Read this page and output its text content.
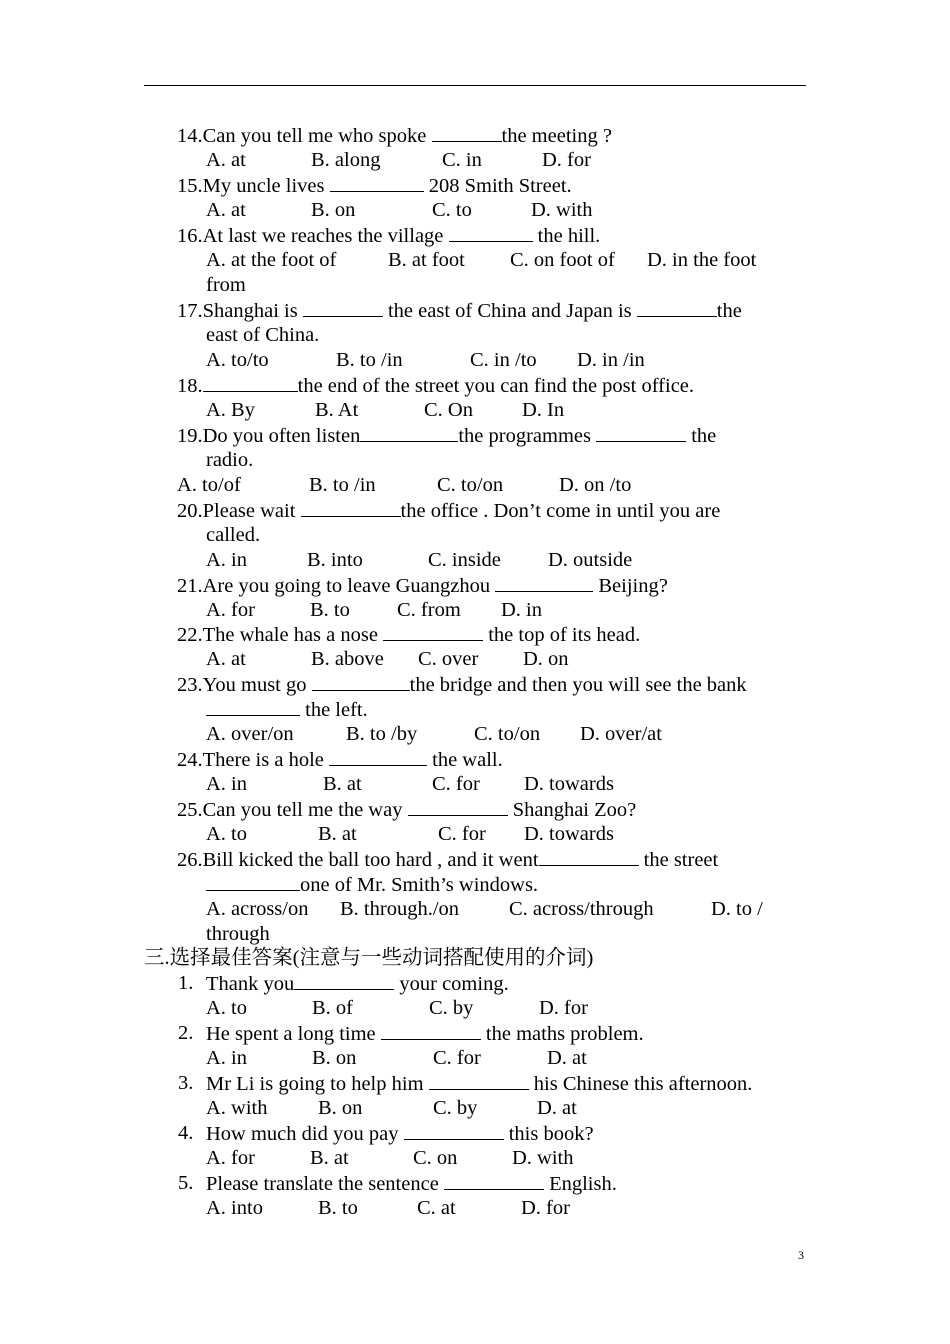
14.Can you tell me who spoke	the meeting ?
A. at	B. along	C. in	D. for
15.My uncle lives	208 Smith Street.
A. at	B. on	C. to	D. with
16.At last we reaches the village	the hill.
A. at the foot of	B. at foot C. on foot of D. in the foot
from
17.Shanghai is	the east of China and Japan is	the
east of China.
A. to/to	B. to /in	C. in /to D. in /in
18.	the end of the street you can find the post office.
A. By	B. At	C. On D. In
19.Do you often listen	the programmes	the
radio.
A. to/of	B. to /in	C. to/on	D. on /to
20.Please wait	the office . Don’t come in until you are
called.
A. in	B. into	C. inside D. outside
21.Are you going to leave Guangzhou	Beijing?
A. for	B. to C. from D. in
22.The whale has a nose	the top of its head.
A. at	B. above C. over D. on
23.You must go	the bridge and then you will see the bank
the left.
A. over/on	B. to /by	C. to/on D. over/at
24.There is a hole	the wall.
A. in	B. at	C. for D. towards
25.Can you tell me the way	Shanghai Zoo?
A. to	B. at	C. for D. towards
26.Bill kicked the ball too hard , and it went	the street
one of Mr. Smith’s windows.
A. across/on B. through./on C. across/through	D. to /
through
三.选择最佳答案(注意与一些动词搭配使用的介词)
1. Thank you	your coming.
A. to	B. of	C. by	D. for
2. He spent a long time	the maths problem.
A. in	B. on	C. for	D. at
3. Mr Li is going to help him	his Chinese this afternoon.
A. with B. on	C. by	D. at
4. How much did you pay	this book?
A. for	B. at	C. on	D. with
5. Please translate the sentence	English.
A. into	B. to	C. at	D. for
3
